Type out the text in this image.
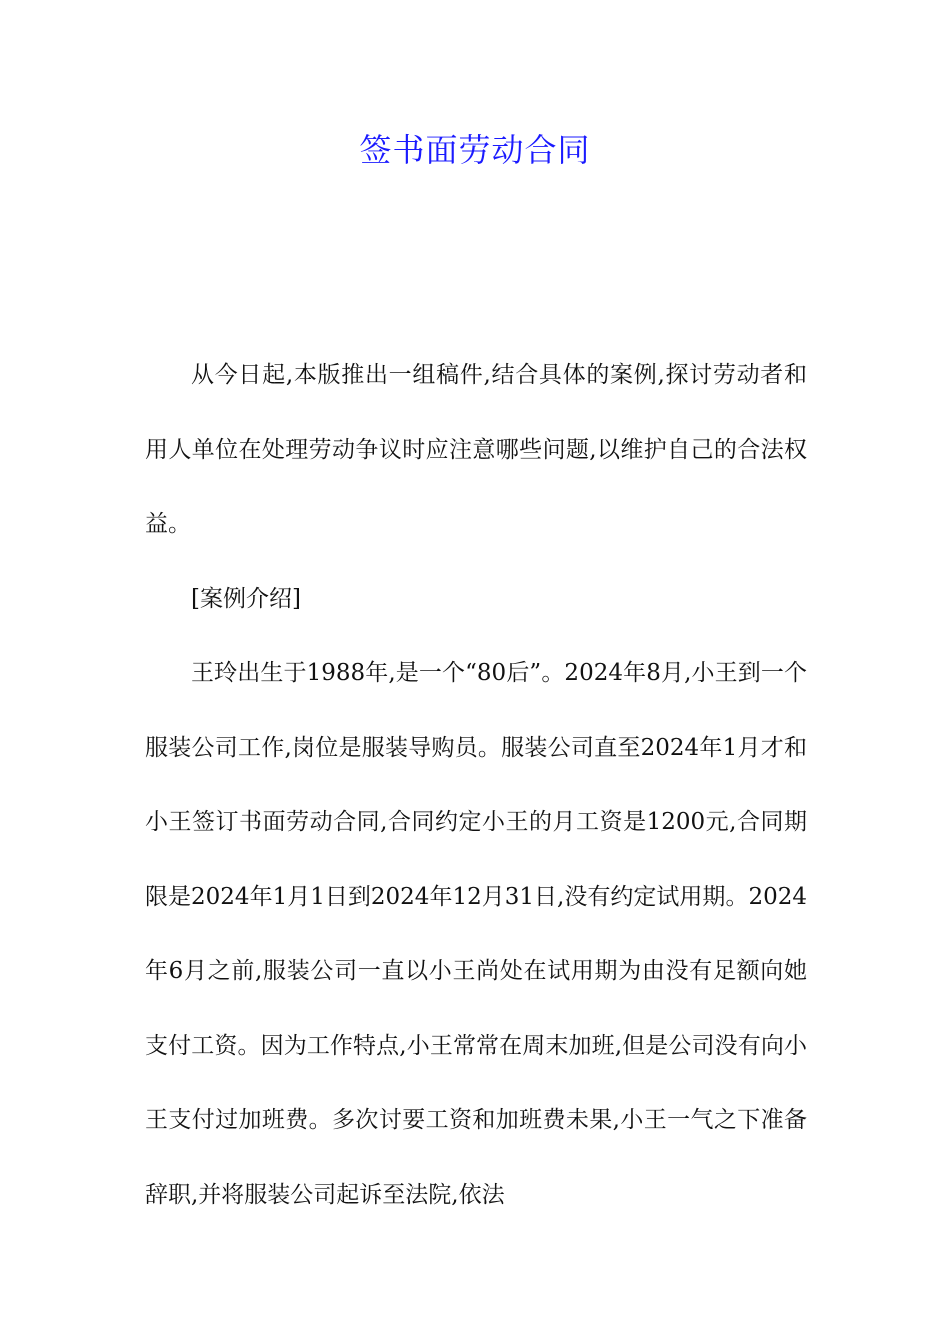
签书面劳动合同

从今日起,本版推出一组稿件,结合具体的案例,探讨劳动者和用人单位在处理劳动争议时应注意哪些问题,以维护自己的合法权益。

[案例介绍]

王玲出生于1988年,是一个“80后”。2024年8月,小王到一个服装公司工作,岗位是服装导购员。服装公司直至2024年1月才和小王签订书面劳动合同,合同约定小王的月工资是1200元,合同期限是2024年1月1日到2024年12月31日,没有约定试用期。2024年6月之前,服装公司一直以小王尚处在试用期为由没有足额向她支付工资。因为工作特点,小王常常在周末加班,但是公司没有向小王支付过加班费。多次讨要工资和加班费未果,小王一气之下准备辞职,并将服装公司起诉至法院,依法
